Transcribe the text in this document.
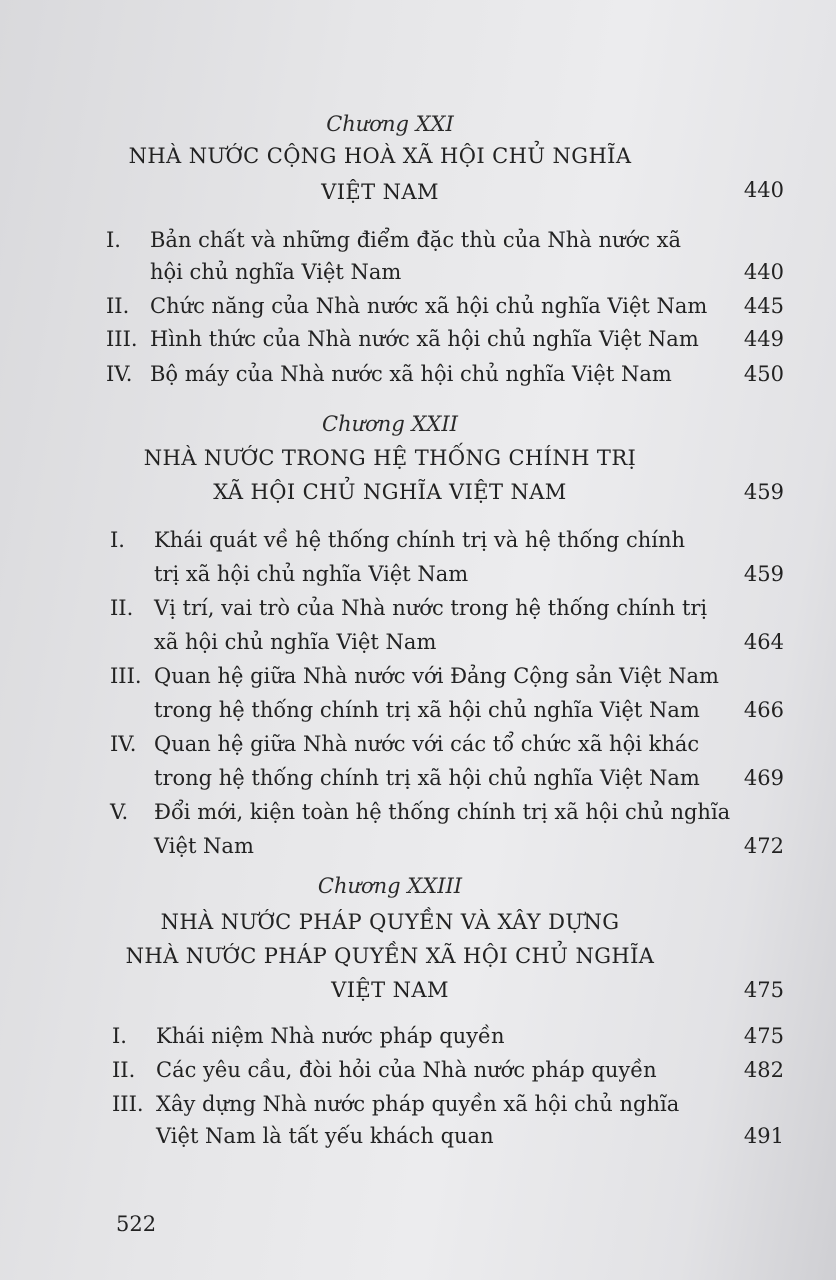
Chương XXI
NHÀ NƯỚC CỘNG HOÀ XÃ HỘI CHỦ NGHĨA
VIỆT NAM	440
I. Bản chất và những điểm đặc thù của Nhà nước xã
hội chủ nghĩa Việt Nam	440
II. Chức năng của Nhà nước xã hội chủ nghĩa Việt Nam 445
III. Hình thức của Nhà nước xã hội chủ nghĩa Việt Nam 449
IV. Bộ máy của Nhà nước xã hội chủ nghĩa Việt Nam	450
Chương XXII
NHÀ NƯỚC TRONG HỆ THỐNG CHÍNH TRỊ
XÃ HỘI CHỦ NGHĨA VIỆT NAM	459
I. Khái quát về hệ thống chính trị và hệ thống chính
trị xã hội chủ nghĩa Việt Nam	459
II. Vị trí, vai trò của Nhà nước trong hệ thống chính trị
xã hội chủ nghĩa Việt Nam	464
III. Quan hệ giữa Nhà nước với Đảng Cộng sản Việt Nam
trong hệ thống chính trị xã hội chủ nghĩa Việt Nam 466
IV. Quan hệ giữa Nhà nước với các tổ chức xã hội khác
trong hệ thống chính trị xã hội chủ nghĩa Việt Nam 469
V. Đổi mới, kiện toàn hệ thống chính trị xã hội chủ nghĩa
Việt Nam	472
Chương XXIII
NHÀ NƯỚC PHÁP QUYỀN VÀ XÂY DỰNG
NHÀ NƯỚC PHÁP QUYỀN XÃ HỘI CHỦ NGHĨA
VIỆT NAM	475
I. Khái niệm Nhà nước pháp quyền	475
II. Các yêu cầu, đòi hỏi của Nhà nước pháp quyền	482
III. Xây dựng Nhà nước pháp quyền xã hội chủ nghĩa
Việt Nam là tất yếu khách quan	491
522
